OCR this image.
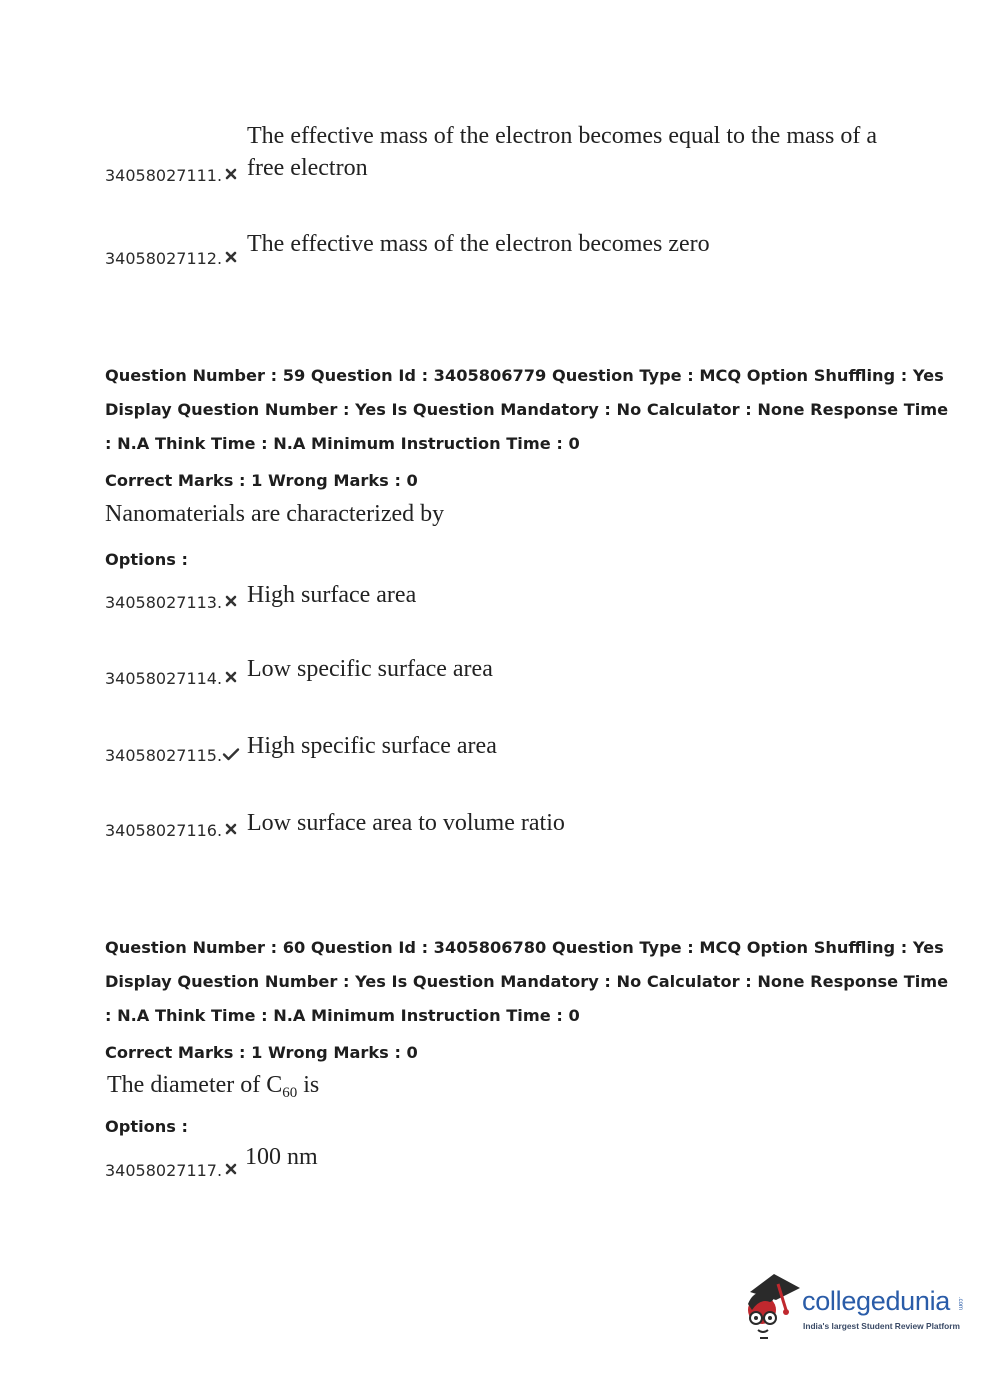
The effective mass of the electron becomes equal to the mass of a
free electron
34058027111.
The effective mass of the electron becomes zero
34058027112.
Question Number : 59 Question Id : 3405806779 Question Type : MCQ Option Shuffling : Yes
Display Question Number : Yes Is Question Mandatory : No Calculator : None Response Time
: N.A Think Time : N.A Minimum Instruction Time : 0
Correct Marks : 1 Wrong Marks : 0
Nanomaterials are characterized by
Options :
High surface area
34058027113.
Low specific surface area
34058027114.
High specific surface area
34058027115.
Low surface area to volume ratio
34058027116.
Question Number : 60 Question Id : 3405806780 Question Type : MCQ Option Shuffling : Yes
Display Question Number : Yes Is Question Mandatory : No Calculator : None Response Time
: N.A Think Time : N.A Minimum Instruction Time : 0
Correct Marks : 1 Wrong Marks : 0
The diameter of $C_{60}$ is
Options :
100 nm
34058027117.
collegedunia .com
India's largest Student Review Platform
